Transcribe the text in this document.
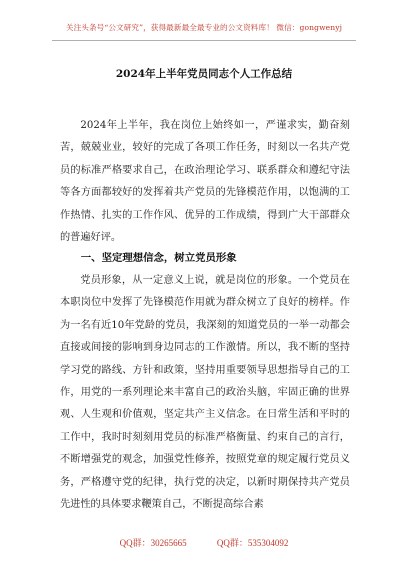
关注头条号“公文研究”，获得最新最全最专业的公文资料库！ 微信：gongwenyj
2024年上半年党员同志个人工作总结

2024年上半年，我在岗位上始终如一，严谨求实，勤奋刻苦，兢兢业业，较好的完成了各项工作任务，时刻以一名共产党员的标准严格要求自己，在政治理论学习、联系群众和遵纪守法等各方面都较好的发挥着共产党员的先锋模范作用，以饱满的工作热情、扎实的工作作风、优异的工作成绩，得到广大干部群众的普遍好评。

一、坚定理想信念，树立党员形象

党员形象，从一定意义上说，就是岗位的形象。一个党员在本职岗位中发挥了先锋模范作用就为群众树立了良好的榜样。作为一名有近10年党龄的党员，我深刻的知道党员的一举一动都会直接或间接的影响到身边同志的工作激情。所以，我不断的坚持学习党的路线、方针和政策，坚持用重要领导思想指导自己的工作，用党的一系列理论来丰富自己的政治头脑，牢固正确的世界观、人生观和价值观，坚定共产主义信念。在日常生活和平时的工作中，我时时刻刻用党员的标准严格衡量、约束自己的言行，不断增强党的观念，加强党性修养，按照党章的规定履行党员义务，严格遵守党的纪律，执行党的决定，以新时期保持共产党员先进性的具体要求鞭策自己，不断提高综合素

QQ群：30265665	QQ群：535304092
